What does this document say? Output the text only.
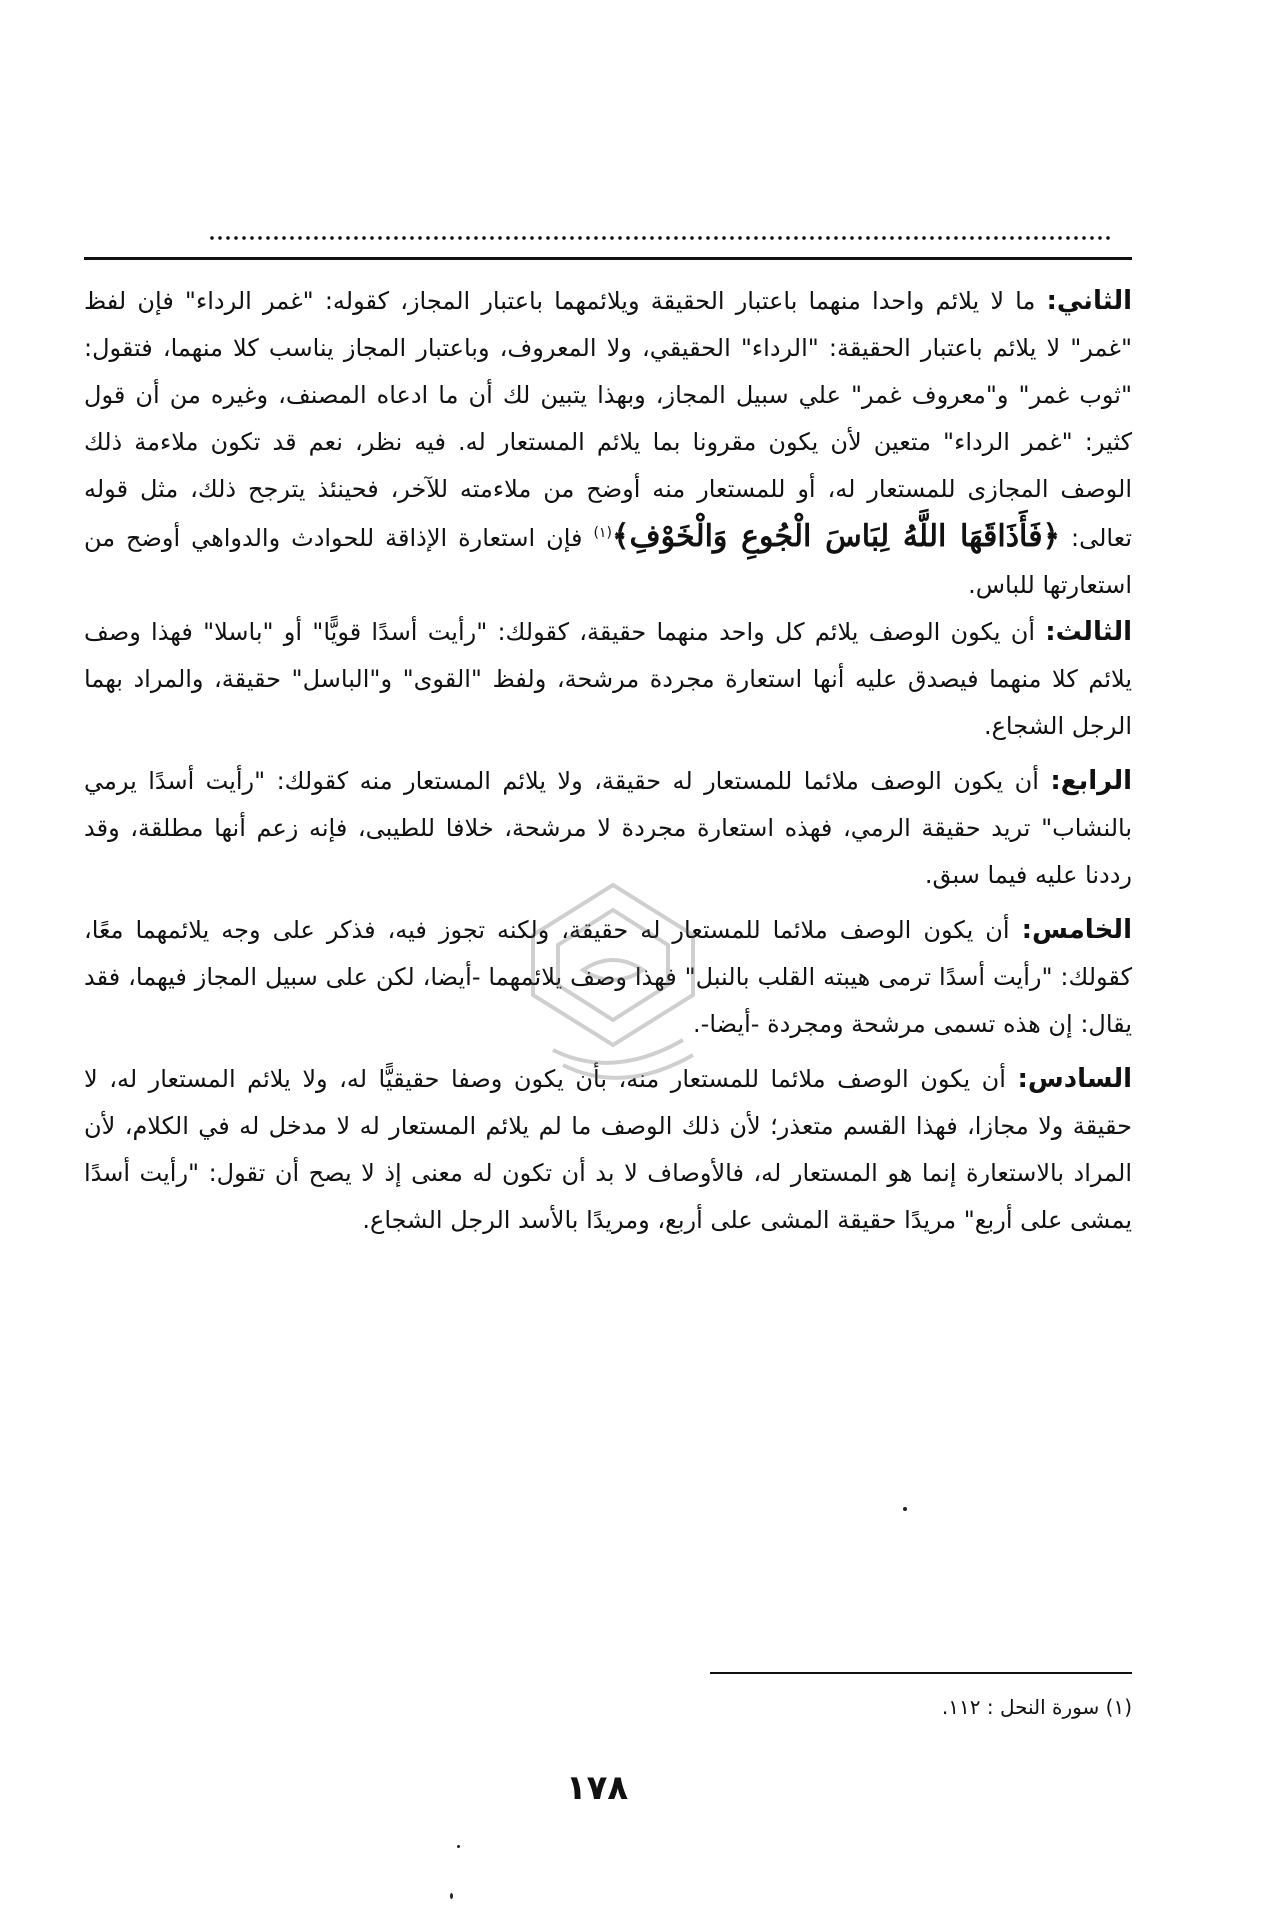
الثاني: ما لا يلائم واحدا منهما باعتبار الحقيقة ويلائمهما باعتبار المجاز، كقوله: "غمر الرداء" فإن لفظ "غمر" لا يلائم باعتبار الحقيقة: "الرداء" الحقيقي، ولا المعروف، وباعتبار المجاز يناسب كلا منهما، فتقول: "ثوب غمر" و"معروف غمر" علي سبيل المجاز، وبهذا يتبين لك أن ما ادعاه المصنف، وغيره من أن قول كثير: "غمر الرداء" متعين لأن يكون مقرونا بما يلائم المستعار له. فيه نظر، نعم قد تكون ملاءمة ذلك الوصف المجازى للمستعار له، أو للمستعار منه أوضح من ملاءمته للآخر، فحينئذ يترجح ذلك، مثل قوله تعالى: ﴿فَأَذَاقَهَا اللَّهُ لِبَاسَ الْجُوعِ وَالْخَوْفِ﴾$^{(١)}$ فإن استعارة الإذاقة للحوادث والدواهي أوضح من استعارتها للباس.

الثالث: أن يكون الوصف يلائم كل واحد منهما حقيقة، كقولك: "رأيت أسدًا قويًّا" أو "باسلا" فهذا وصف يلائم كلا منهما فيصدق عليه أنها استعارة مجردة مرشحة، ولفظ "القوى" و"الباسل" حقيقة، والمراد بهما الرجل الشجاع.

الرابع: أن يكون الوصف ملائما للمستعار له حقيقة، ولا يلائم المستعار منه كقولك: "رأيت أسدًا يرمي بالنشاب" تريد حقيقة الرمي، فهذه استعارة مجردة لا مرشحة، خلافا للطيبى، فإنه زعم أنها مطلقة، وقد رددنا عليه فيما سبق.

الخامس: أن يكون الوصف ملائما للمستعار له حقيقة، ولكنه تجوز فيه، فذكر على وجه يلائمهما معًا، كقولك: "رأيت أسدًا ترمى هيبته القلب بالنبل" فهذا وصف يلائمهما -أيضا، لكن على سبيل المجاز فيهما، فقد يقال: إن هذه تسمى مرشحة ومجردة -أيضا-.

السادس: أن يكون الوصف ملائما للمستعار منه، بأن يكون وصفا حقيقيًّا له، ولا يلائم المستعار له، لا حقيقة ولا مجازا، فهذا القسم متعذر؛ لأن ذلك الوصف ما لم يلائم المستعار له لا مدخل له في الكلام، لأن المراد بالاستعارة إنما هو المستعار له، فالأوصاف لا بد أن تكون له معنى إذ لا يصح أن تقول: "رأيت أسدًا يمشى على أربع" مريدًا حقيقة المشى على أربع، ومريدًا بالأسد الرجل الشجاع.

(١) سورة النحل : ١١٢.
١٧٨
